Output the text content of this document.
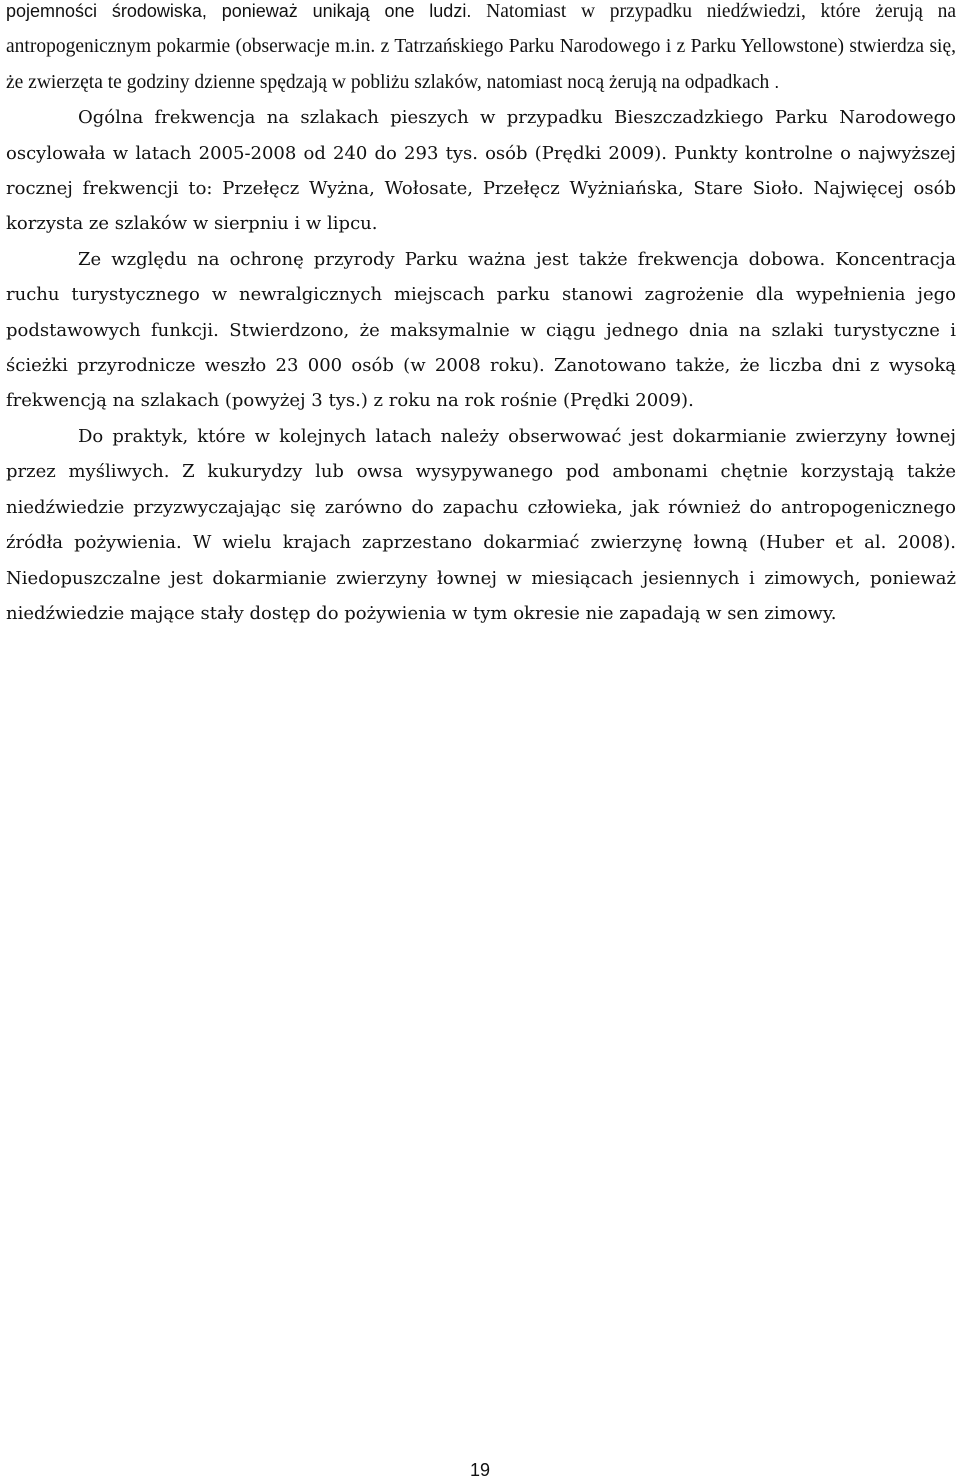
pojemności środowiska, ponieważ unikają one ludzi. Natomiast w przypadku niedźwiedzi, które żerują na antropogenicznym pokarmie (obserwacje m.in. z Tatrzańskiego Parku Narodowego i z Parku Yellowstone) stwierdza się, że zwierzęta te godziny dzienne spędzają w pobliżu szlaków, natomiast nocą żerują na odpadkach .

Ogólna frekwencja na szlakach pieszych w przypadku Bieszczadzkiego Parku Narodowego oscylowała w latach 2005-2008 od 240 do 293 tys. osób (Prędki 2009). Punkty kontrolne o najwyższej rocznej frekwencji to: Przełęcz Wyżna, Wołosate, Przełęcz Wyżniańska, Stare Sioło. Najwięcej osób korzysta ze szlaków w sierpniu i w lipcu.

Ze względu na ochronę przyrody Parku ważna jest także frekwencja dobowa. Koncentracja ruchu turystycznego w newralgicznych miejscach parku stanowi zagrożenie dla wypełnienia jego podstawowych funkcji. Stwierdzono, że maksymalnie w ciągu jednego dnia na szlaki turystyczne i ścieżki przyrodnicze weszło 23 000 osób (w 2008 roku). Zanotowano także, że liczba dni z wysoką frekwencją na szlakach (powyżej 3 tys.) z roku na rok rośnie (Prędki 2009).

Do praktyk, które w kolejnych latach należy obserwować jest dokarmianie zwierzyny łownej przez myśliwych. Z kukurydzy lub owsa wysypywanego pod ambonami chętnie korzystają także niedźwiedzie przyzwyczajając się zarówno do zapachu człowieka, jak również do antropogenicznego źródła pożywienia. W wielu krajach zaprzestano dokarmiać zwierzynę łowną (Huber et al. 2008). Niedopuszczalne jest dokarmianie zwierzyny łownej w miesiącach jesiennych i zimowych, ponieważ niedźwiedzie mające stały dostęp do pożywienia w tym okresie nie zapadają w sen zimowy.

19
